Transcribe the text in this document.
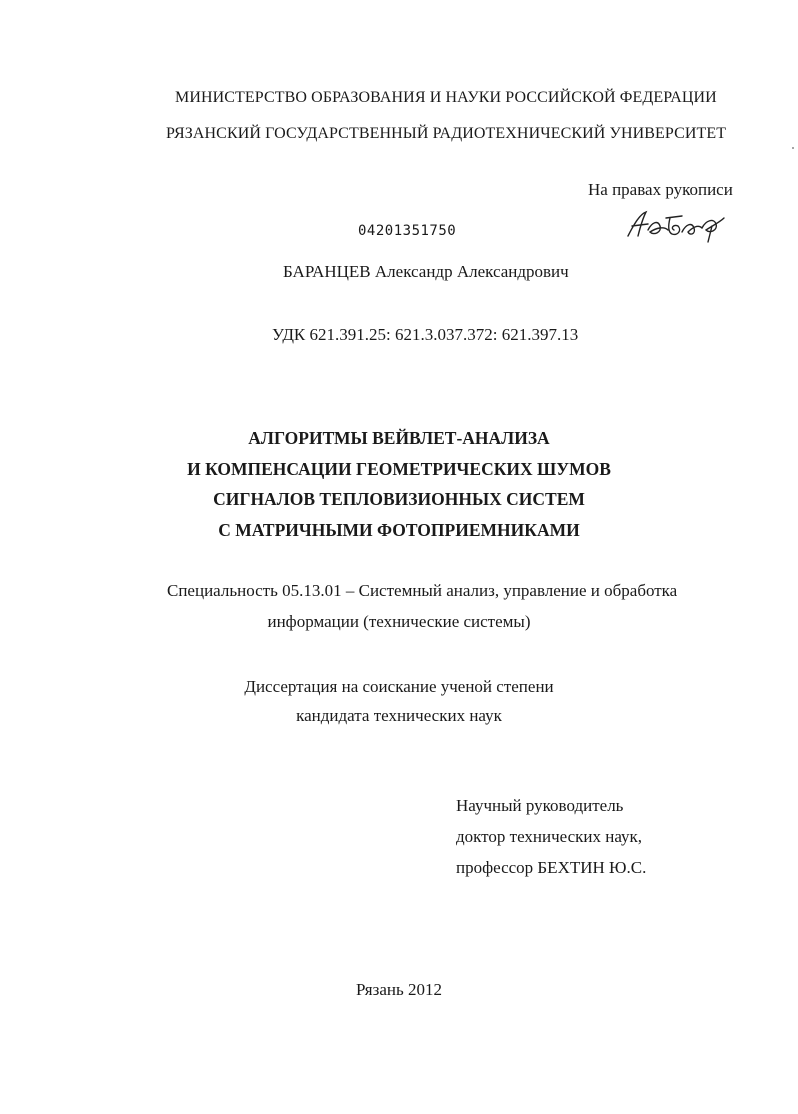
МИНИСТЕРСТВО ОБРАЗОВАНИЯ И НАУКИ РОССИЙСКОЙ ФЕДЕРАЦИИ
РЯЗАНСКИЙ ГОСУДАРСТВЕННЫЙ РАДИОТЕХНИЧЕСКИЙ УНИВЕРСИТЕТ
На правах рукописи
04201351750
БАРАНЦЕВ Александр Александрович
УДК 621.391.25: 621.3.037.372: 621.397.13
АЛГОРИТМЫ ВЕЙВЛЕТ-АНАЛИЗА
И КОМПЕНСАЦИИ ГЕОМЕТРИЧЕСКИХ ШУМОВ
СИГНАЛОВ ТЕПЛОВИЗИОННЫХ СИСТЕМ
С МАТРИЧНЫМИ ФОТОПРИЕМНИКАМИ
Специальность 05.13.01 – Системный анализ, управление и обработка
информации (технические системы)
Диссертация на соискание ученой степени
кандидата технических наук
Научный руководитель
доктор технических наук,
профессор БЕХТИН Ю.С.
Рязань 2012
